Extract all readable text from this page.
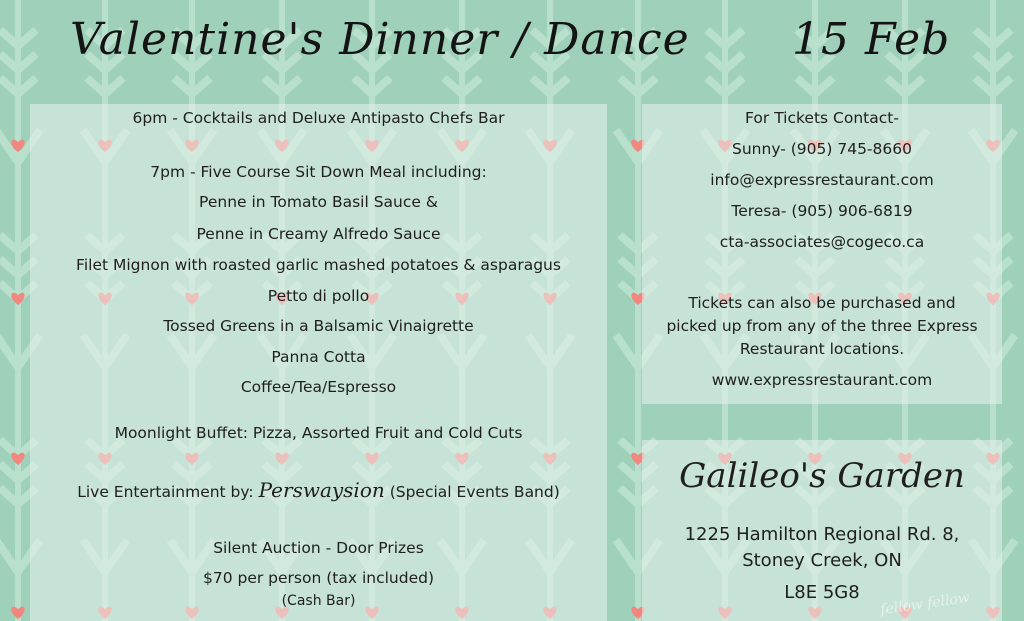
Valentine's Dinner / Dance 15 Feb
6pm - Cocktails and Deluxe Antipasto Chefs Bar
7pm - Five Course Sit Down Meal including:
Penne in Tomato Basil Sauce &
Penne in Creamy Alfredo Sauce
Filet Mignon with roasted garlic mashed potatoes & asparagus
Petto di pollo
Tossed Greens in a Balsamic Vinaigrette
Panna Cotta
Coffee/Tea/Espresso
Moonlight Buffet: Pizza, Assorted Fruit and Cold Cuts
Live Entertainment by: Perswaysion (Special Events Band)
Silent Auction - Door Prizes
$70 per person (tax included)
(Cash Bar)
For Tickets Contact-
Sunny- (905) 745-8660
info@expressrestaurant.com
Teresa- (905) 906-6819
cta-associates@cogeco.ca
Tickets can also be purchased and
picked up from any of the three Express
Restaurant locations.
www.expressrestaurant.com
Galileo's Garden
1225 Hamilton Regional Rd. 8,
Stoney Creek, ON
L8E 5G8	fellow fellow
